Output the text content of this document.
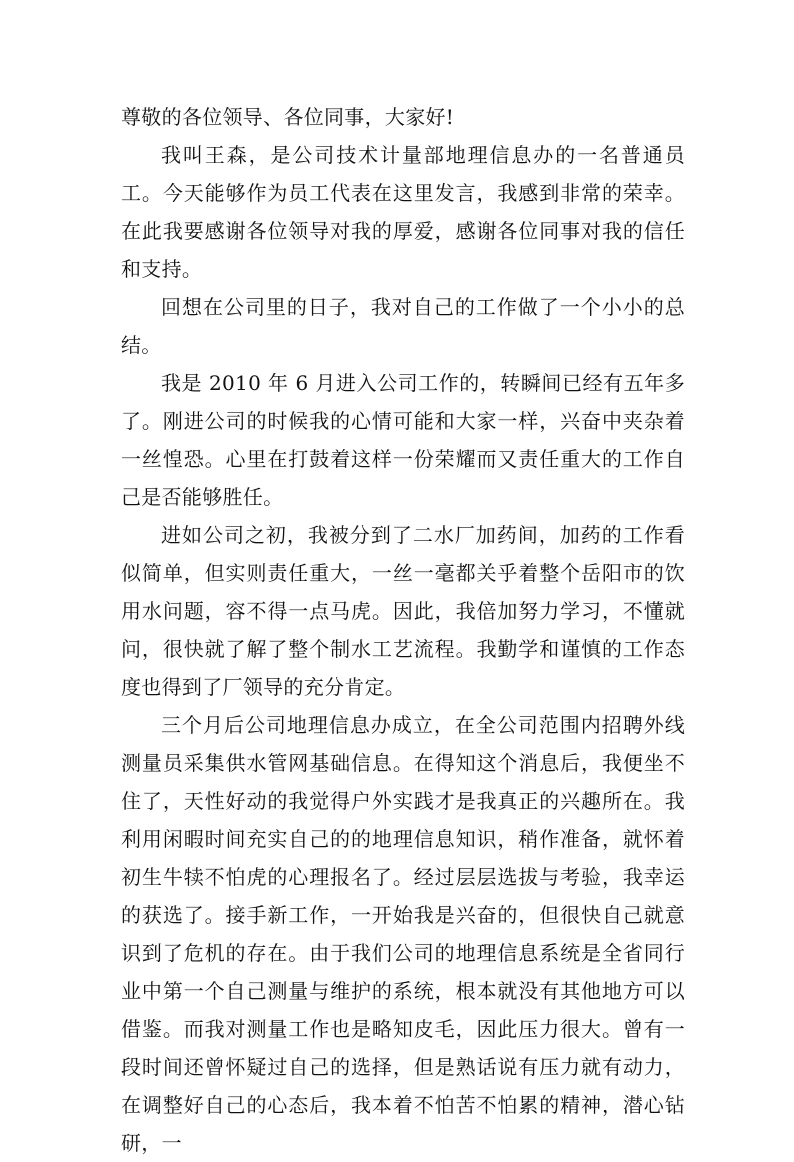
尊敬的各位领导、各位同事，大家好!

我叫王森，是公司技术计量部地理信息办的一名普通员工。今天能够作为员工代表在这里发言，我感到非常的荣幸。在此我要感谢各位领导对我的厚爱，感谢各位同事对我的信任和支持。

回想在公司里的日子，我对自己的工作做了一个小小的总结。

我是 2010 年 6 月进入公司工作的，转瞬间已经有五年多了。刚进公司的时候我的心情可能和大家一样，兴奋中夹杂着一丝惶恐。心里在打鼓着这样一份荣耀而又责任重大的工作自己是否能够胜任。

进如公司之初，我被分到了二水厂加药间，加药的工作看似简单，但实则责任重大，一丝一毫都关乎着整个岳阳市的饮用水问题，容不得一点马虎。因此，我倍加努力学习，不懂就问，很快就了解了整个制水工艺流程。我勤学和谨慎的工作态度也得到了厂领导的充分肯定。

三个月后公司地理信息办成立，在全公司范围内招聘外线测量员采集供水管网基础信息。在得知这个消息后，我便坐不住了，天性好动的我觉得户外实践才是我真正的兴趣所在。我利用闲暇时间充实自己的的地理信息知识，稍作准备，就怀着初生牛犊不怕虎的心理报名了。经过层层选拔与考验，我幸运的获选了。接手新工作，一开始我是兴奋的，但很快自己就意识到了危机的存在。由于我们公司的地理信息系统是全省同行业中第一个自己测量与维护的系统，根本就没有其他地方可以借鉴。而我对测量工作也是略知皮毛，因此压力很大。曾有一段时间还曾怀疑过自己的选择，但是熟话说有压力就有动力，在调整好自己的心态后，我本着不怕苦不怕累的精神，潜心钻研，一
